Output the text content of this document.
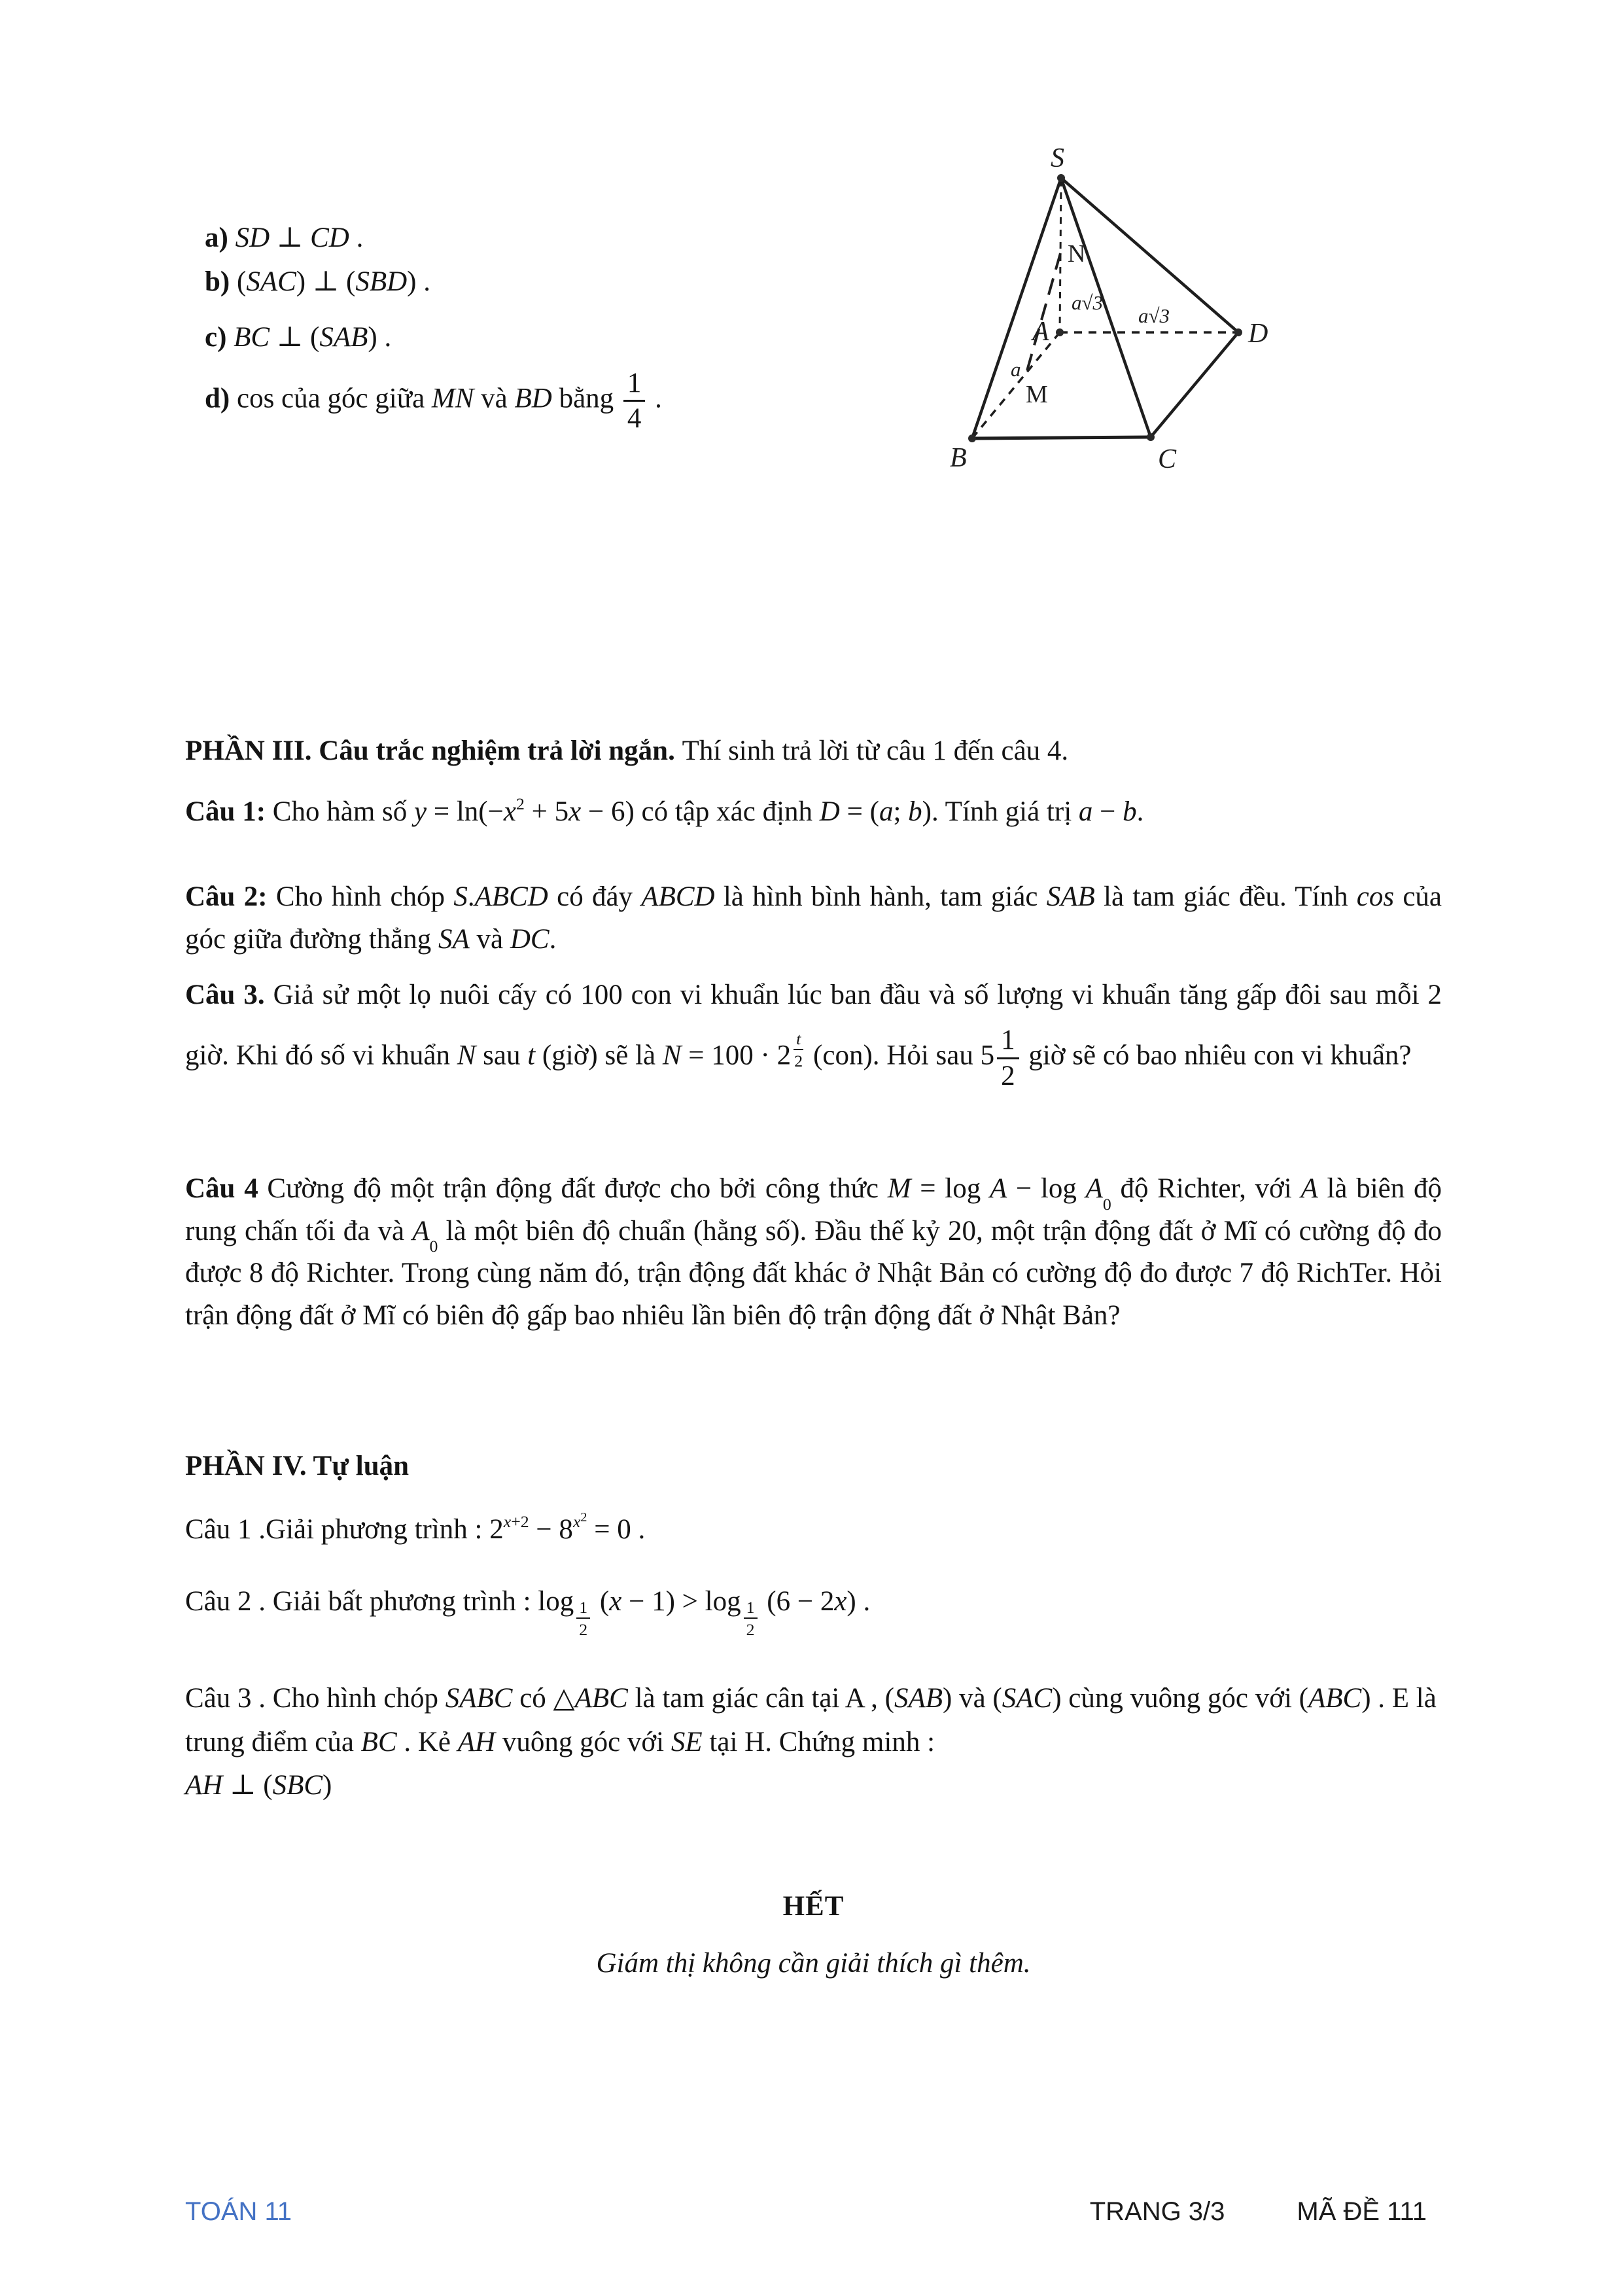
a) SD ⊥ CD .

b) (SAC) ⊥ (SBD) .

c) BC ⊥ (SAB) .

d) cos của góc giữa MN và BD bằng $\frac{1}{4}$ .

S
N
a√3
A
a√3
D
a
M
B	C

PHẦN III. Câu trắc nghiệm trả lời ngắn. Thí sinh trả lời từ câu 1 đến câu 4.

Câu 1: Cho hàm số $y = \ln(-x^2 + 5x - 6)$ có tập xác định D = (a; b). Tính giá trị a − b.

Câu 2: Cho hình chóp S.ABCD có đáy ABCD là hình bình hành, tam giác SAB là tam giác đều. Tính cos của góc giữa đường thẳng SA và DC.

Câu 3. Giả sử một lọ nuôi cấy có 100 con vi khuẩn lúc ban đầu và số lượng vi khuẩn tăng gấp đôi sau mỗi 2 giờ. Khi đó số vi khuẩn N sau t (giờ) sẽ là N = 100 · 2 $^{\frac{t}{2}}$ (con). Hỏi sau $5 \frac{1}{2}$ giờ sẽ có bao nhiêu con vi khuẩn?

Câu 4 Cường độ một trận động đất được cho bởi công thức $M = \log A - \log A_0$ độ Richter, với A là biên độ rung chấn tối đa và $A_0$ là một biên độ chuẩn (hằng số). Đầu thế kỷ 20, một trận động đất ở Mĩ có cường độ đo được 8 độ Richter. Trong cùng năm đó, trận động đất khác ở Nhật Bản có cường độ đo được 7 độ RichTer. Hỏi trận động đất ở Mĩ có biên độ gấp bao nhiêu lần biên độ trận động đất ở Nhật Bản?

PHẦN IV. Tự luận

Câu 1 .Giải phương trình : $2^{x+2} - 8^{x^2} = 0$ .

Câu 2 . Giải bất phương trình : log $_{\frac{1}{2}}$ (x − 1) > log $_{\frac{1}{2}}$ (6 − 2x) .

Câu 3 . Cho hình chóp SABC có △ABC là tam giác cân tại A , (SAB) và (SAC) cùng vuông góc với (ABC) . E là trung điểm của BC . Kẻ AH vuông góc với SE tại H. Chứng minh :
AH ⊥ (SBC)

HẾT

Giám thị không cần giải thích gì thêm.

TOÁN 11	TRANG 3/3	MÃ ĐỀ 111
